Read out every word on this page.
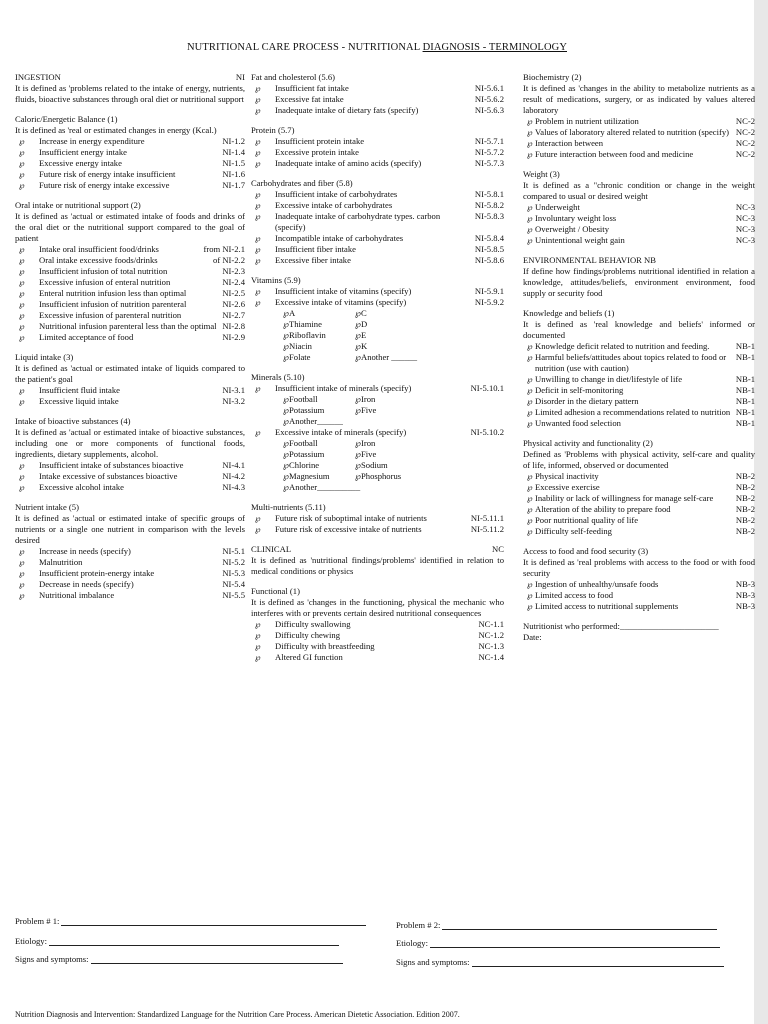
NUTRITIONAL CARE PROCESS - NUTRITIONAL DIAGNOSIS - TERMINOLOGY
INGESTION	NI
It is defined as 'problems related to the intake of energy, nutrients, fluids, bioactive substances through oral diet or nutritional support
Caloric/Energetic Balance (1)
It is defined as 'real or estimated changes in energy (Kcal.)
℘ Increase in energy expenditure	NI-1.2
℘ Insufficient energy intake	NI-1.4
℘ Excessive energy intake	NI-1.5
℘ Future risk of energy intake insufficient	NI-1.6
℘ Future risk of energy intake excessive	NI-1.7
Oral intake or nutritional support (2)
It is defined as 'actual or estimated intake of foods and drinks of the oral diet or the nutritional support compared to the goal of patient
℘ Intake oral insufficient food/drinks	from NI-2.1
℘ Oral intake excessive foods/drinks	of NI-2.2
℘ Insufficient infusion of total nutrition	NI-2.3
℘ Excessive infusion of enteral nutrition	NI-2.4
℘ Enteral nutrition infusion less than optimal	NI-2.5
℘ Insufficient infusion of nutrition parenteral	NI-2.6
℘ Excessive infusion of parenteral nutrition	NI-2.7
℘ Nutritional infusion parenteral less than the optimal NI-2.8
℘ Limited acceptance of food	NI-2.9
Liquid intake (3)
It is defined as 'actual or estimated intake of liquids compared to the patient's goal
℘ Insufficient fluid intake	NI-3.1
℘ Excessive liquid intake	NI-3.2
Intake of bioactive substances (4)
It is defined as 'actual or estimated intake of bioactive substances, including one or more components of functional foods, ingredients, dietary supplements, alcohol.
℘ Insufficient intake of substances bioactive	NI-4.1
℘ Intake excessive of substances bioactive	NI-4.2
℘ Excessive alcohol intake	NI-4.3
Nutrient intake (5)
It is defined as 'actual or estimated intake of specific groups of nutrients or a single one nutrient in comparison with the levels desired
℘ Increase in needs (specify)	NI-5.1
℘ Malnutrition	NI-5.2
℘ Insufficient protein-energy intake	NI-5.3
℘ Decrease in needs (specify)	NI-5.4
℘ Nutritional imbalance	NI-5.5
Fat and cholesterol (5.6)
℘ Insufficient fat intake	NI-5.6.1
℘ Excessive fat intake	NI-5.6.2
℘ Inadequate intake of dietary fats (specify)	NI-5.6.3
Protein (5.7)
℘ Insufficient protein intake	NI-5.7.1
℘ Excessive protein intake	NI-5.7.2
℘ Inadequate intake of amino acids (specify)	NI-5.7.3
Carbohydrates and fiber (5.8)
℘ Insufficient intake of carbohydrates	NI-5.8.1
℘ Excessive intake of carbohydrates	NI-5.8.2
℘ Inadequate intake of carbohydrate types. carbon (specify)
NI-5.8.3
℘ Incompatible intake of carbohydrates	NI-5.8.4
℘ Insufficient fiber intake	NI-5.8.5
℘ Excessive fiber intake	NI-5.8.6
Vitamins (5.9)
℘ Insufficient intake of vitamins (specify)	NI-5.9.1
℘ Excessive intake of vitamins (specify)	NI-5.9.2
℘A	℘C
℘Thiamine	℘D
℘Riboflavin	℘E
℘Niacin	℘K
℘Folate	℘Another ______
Minerals (5.10)
℘ Insufficient intake of minerals (specify)	NI-5.10.1
℘Football	℘Iron
℘Potassium	℘Five
℘Another______
℘ Excessive intake of minerals (specify)	NI-5.10.2
℘Football	℘Iron
℘Potassium	℘Five
℘Chlorine	℘Sodium
℘Magnesium	℘Phosphorus
℘Another__________
Multi-nutrients (5.11)
℘ Future risk of suboptimal intake of nutrients	NI-5.11.1
℘ Future risk of excessive intake of nutrients	NI-5.11.2
CLINICAL	NC
It is defined as 'nutritional findings/problems' identified in relation to medical conditions or physics
Functional (1)
It is defined as 'changes in the functioning, physical the mechanic who interferes with or prevents certain desired nutritional consequences
℘ Difficulty swallowing	NC-1.1
℘ Difficulty chewing	NC-1.2
℘ Difficulty with breastfeeding	NC-1.3
℘ Altered GI function	NC-1.4
Biochemistry (2)
It is defined as 'changes in the ability to metabolize nutrients as a result of medications, surgery, or as indicated by values altered laboratory
℘ Problem in nutrient utilization	NC-2
℘ Values of laboratory altered related to nutrition (specify) NC-2
℘ Interaction between	NC-2
℘ Future interaction between food and medicine	NC-2
Weight (3)
It is defined as a "chronic condition or change in the weight compared to usual or desired weight
℘ Underweight	NC-3
℘ Involuntary weight loss	NC-3
℘ Overweight / Obesity	NC-3
℘ Unintentional weight gain	NC-3
ENVIRONMENTAL BEHAVIOR NB
If define how findings/problems nutritional identified in relation a knowledge, attitudes/beliefs, environment environment, food supply or security food
Knowledge and beliefs (1)
It is defined as 'real knowledge and beliefs' informed or documented
℘ Knowledge deficit related to nutrition and feeding.	NB-1
℘ Harmful beliefs/attitudes about topics related to food or nutrition (use with caution)
NB-1
℘ Unwilling to change in diet/lifestyle of life	NB-1
℘ Deficit in self-monitoring	NB-1
℘ Disorder in the dietary pattern	NB-1
℘ Limited adhesion a recommendations related to nutrition NB-1
℘ Unwanted food selection	NB-1
Physical activity and functionality (2)
Defined as 'Problems with physical activity, self-care and quality of life, informed, observed or documented
℘ Physical inactivity	NB-2
℘ Excessive exercise	NB-2
℘ Inability or lack of willingness for manage self-care	NB-2
℘ Alteration of the ability to prepare food	NB-2
℘ Poor nutritional quality of life	NB-2
℘ Difficulty self-feeding	NB-2
Access to food and food security (3)
It is defined as 'real problems with access to the food or with food security
℘ Ingestion of unhealthy/unsafe foods	NB-3
℘ Limited access to food	NB-3
℘ Limited access to nutritional supplements	NB-3
Nutritionist who performed:_______________________
Date:
Problem # 1:	Problem # 2:
Etiology:	Etiology:
Signs and symptoms:	Signs and symptoms:
Nutrition Diagnosis and Intervention: Standardized Language for the Nutrition Care Process. American Dietetic Association. Edition 2007.
